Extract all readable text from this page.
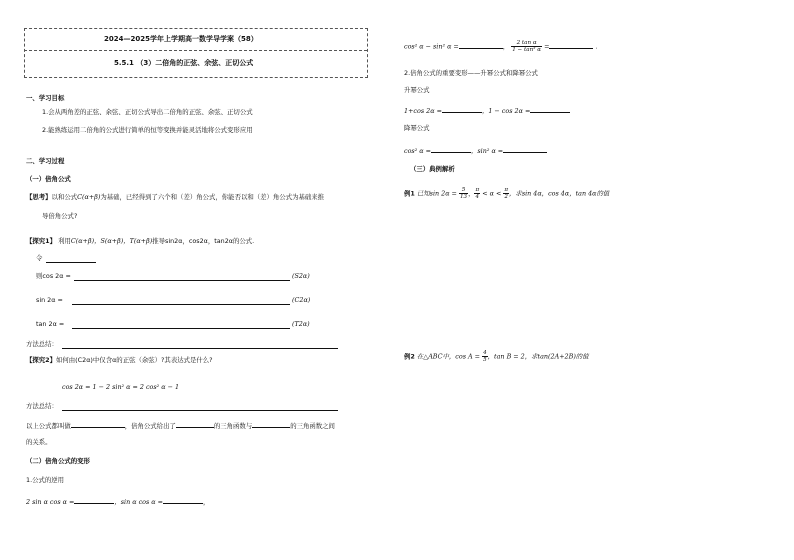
2024—2025学年上学期高一数学导学案（58）
5.5.1 （3）二倍角的正弦、余弦、正切公式
一、学习目标
1.会从两角差的正弦、余弦、正切公式导出二倍角的正弦、余弦、正切公式
2.能熟练运用二倍角的公式进行简单的恒等变换并能灵活地将公式变形应用
二、学习过程
（一）倍角公式
【思考】以和公式C(α+β)为基础，已经得到了六个和（差）角公式，你能否以和（差）角公式为基础来推
导倍角公式?
【探究1】 利用C(α+β)，S(α+β)，T(α+β)推导sin2α，cos2α，tan2α的公式.
令
则cos 2α =	(S2α)
sin 2α =	(C2α)
tan 2α =	(T2α)
方法总结：
【探究2】如何由(C2α)中仅含α的正弦（余弦）?其表达式是什么?
cos 2α = 1 − 2 sin² α = 2 cos² α − 1
方法总结：
以上公式都叫做	，倍角公式给出了	的三角函数与	的三角函数之间
的关系。
（二）倍角公式的变形
1.公式的逆用
2 sin α cos α =	，sin α cos α =	，
cos² α − sin² α =	， $\frac{\text{2 tan α}}{\text{1 − tan² α}}$ =	.
2.倍角公式的重要变形——升幂公式和降幂公式
升幂公式
1+cos 2α =	，1 − cos 2α =
降幂公式
cos² α =	，sin² α =
（三）典例解析
例1 已知$\sin 2\alpha = \frac{5}{13}$ ， $\frac{\pi}{4} < \alpha < \frac{\pi}{2}$ ，求sin 4α，cos 4α，tan 4α的值
例2 在△ABC中，$\cos A = \frac{4}{5}$ ，tan B = 2，求tan(2A+2B)的值
